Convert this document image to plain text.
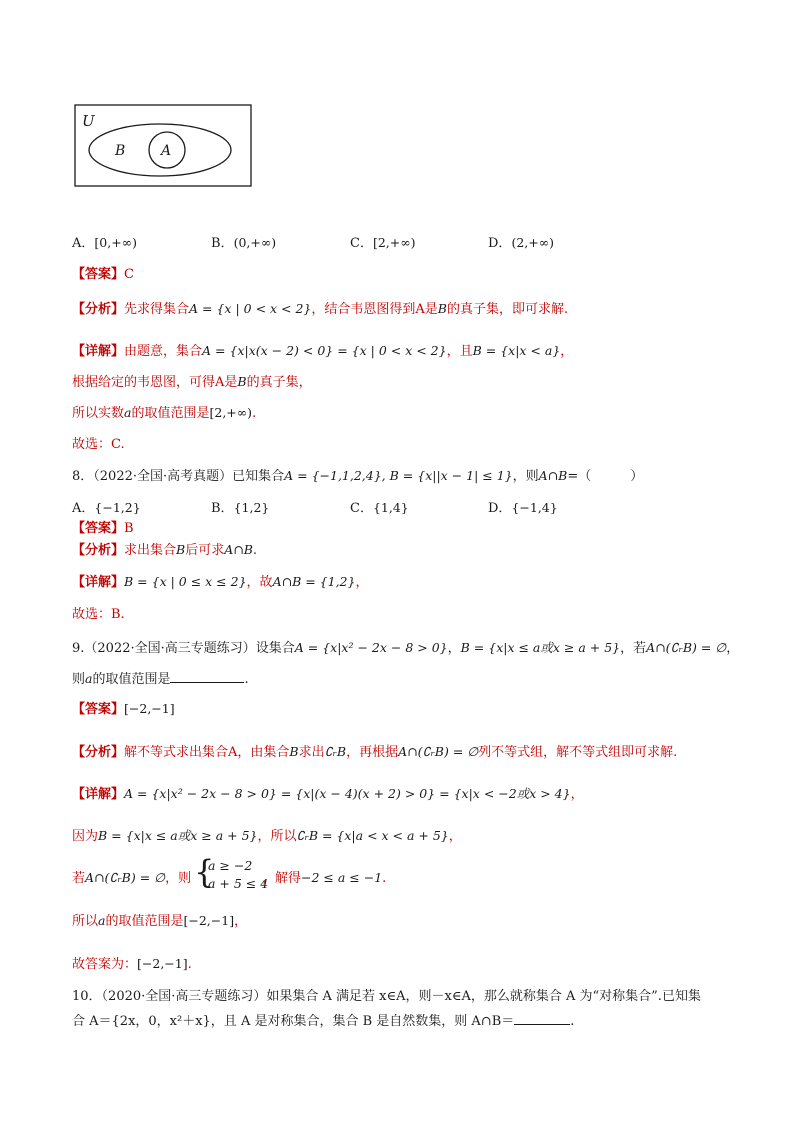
U
B	A
A．[0,+∞)	B．(0,+∞)	C．[2,+∞)	D．(2,+∞)
【答案】C
【分析】先求得集合A = {x | 0 < x < 2}，结合韦恩图得到A是B的真子集，即可求解.
【详解】由题意，集合A = {x|x(x − 2) < 0} = {x | 0 < x < 2}，且B = {x|x < a}，
根据给定的韦恩图，可得A是B的真子集，
所以实数a的取值范围是[2,+∞).
故选：C.
8．（2022·全国·高考真题）已知集合A = {−1,1,2,4}, B = {x||x − 1| ≤ 1}，则A∩B=（　　　）
A．{−1,2}	B．{1,2}	C．{1,4}	D．{−1,4}
【答案】B
【分析】求出集合B后可求A∩B.
【详解】B = {x | 0 ≤ x ≤ 2}，故A∩B = {1,2}，
故选：B.
9.（2022·全国·高三专题练习）设集合A = {x|x² − 2x − 8 > 0}，B = {x|x ≤ a或x ≥ a + 5}，若A∩(∁ᵣB) = ∅，
则a的取值范围是	.
【答案】[−2,−1]
【分析】解不等式求出集合A，由集合B求出∁ᵣB，再根据A∩(∁ᵣB) = ∅列不等式组，解不等式组即可求解.
【详解】A = {x|x² − 2x − 8 > 0} = {x|(x − 4)(x + 2) > 0} = {x|x < −2或x > 4}，
因为B = {x|x ≤ a或x ≥ a + 5}，所以∁ᵣB = {x|a < x < a + 5}，
若A∩(∁ᵣB) = ∅，则 {
a ≥ −2
a + 5 ≤ 4
，解得−2 ≤ a ≤ −1.
所以a的取值范围是[−2,−1]，
故答案为：[−2,−1].
10．（2020·全国·高三专题练习）如果集合 A 满足若 x∈A，则－x∈A，那么就称集合 A 为“对称集合”.已知集
合 A＝{2x，0，x²＋x}，且 A 是对称集合，集合 B 是自然数集，则 A∩B＝	.
